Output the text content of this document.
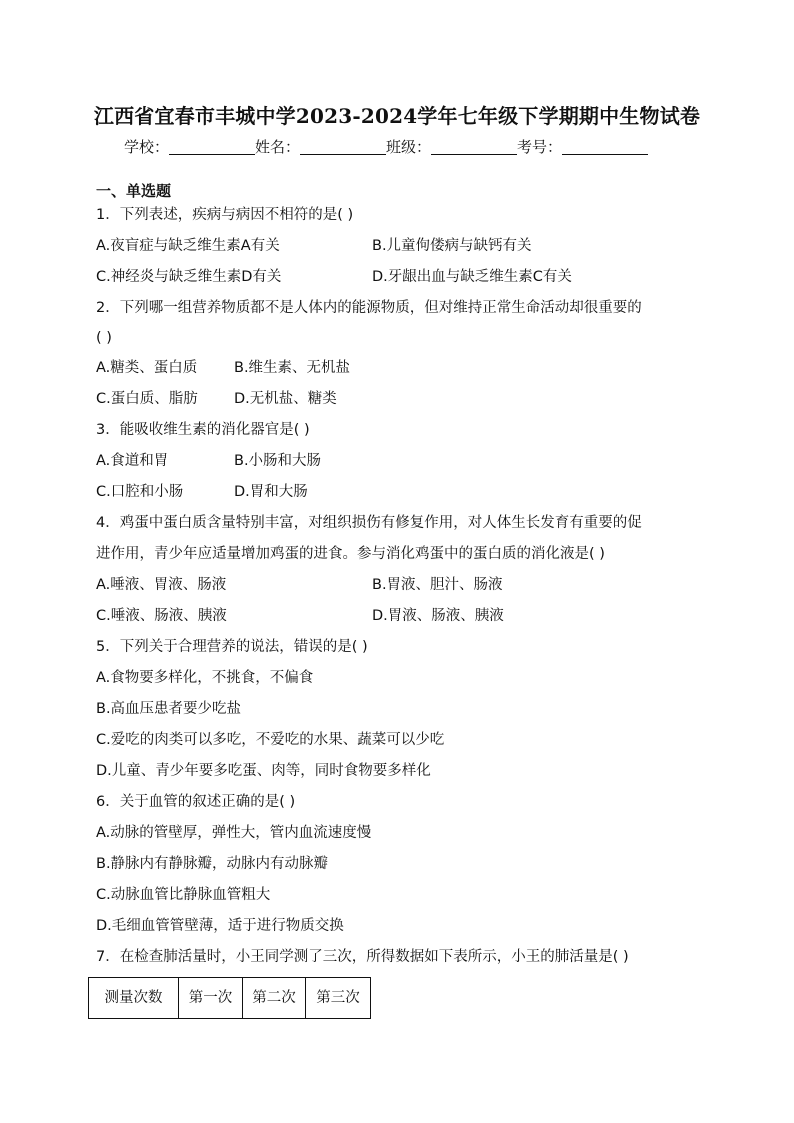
江西省宜春市丰城中学2023-2024学年七年级下学期期中生物试卷
学校：	姓名：	班级：	考号：
一、单选题
1．下列表述，疾病与病因不相符的是( )
A.夜盲症与缺乏维生素A有关	B.儿童佝偻病与缺钙有关
C.神经炎与缺乏维生素D有关	D.牙龈出血与缺乏维生素C有关
2．下列哪一组营养物质都不是人体内的能源物质，但对维持正常生命活动却很重要的
( )
A.糖类、蛋白质	B.维生素、无机盐
C.蛋白质、脂肪	D.无机盐、糖类
3．能吸收维生素的消化器官是( )
A.食道和胃	B.小肠和大肠
C.口腔和小肠	D.胃和大肠
4．鸡蛋中蛋白质含量特别丰富，对组织损伤有修复作用，对人体生长发育有重要的促
进作用，青少年应适量增加鸡蛋的进食。参与消化鸡蛋中的蛋白质的消化液是( )
A.唾液、胃液、肠液	B.胃液、胆汁、肠液
C.唾液、肠液、胰液	D.胃液、肠液、胰液
5．下列关于合理营养的说法，错误的是( )
A.食物要多样化，不挑食，不偏食
B.高血压患者要少吃盐
C.爱吃的肉类可以多吃，不爱吃的水果、蔬菜可以少吃
D.儿童、青少年要多吃蛋、肉等，同时食物要多样化
6．关于血管的叙述正确的是( )
A.动脉的管壁厚，弹性大，管内血流速度慢
B.静脉内有静脉瓣，动脉内有动脉瓣
C.动脉血管比静脉血管粗大
D.毛细血管管壁薄，适于进行物质交换
7．在检查肺活量时，小王同学测了三次，所得数据如下表所示，小王的肺活量是( )
测量次数	第一次	第二次	第三次
